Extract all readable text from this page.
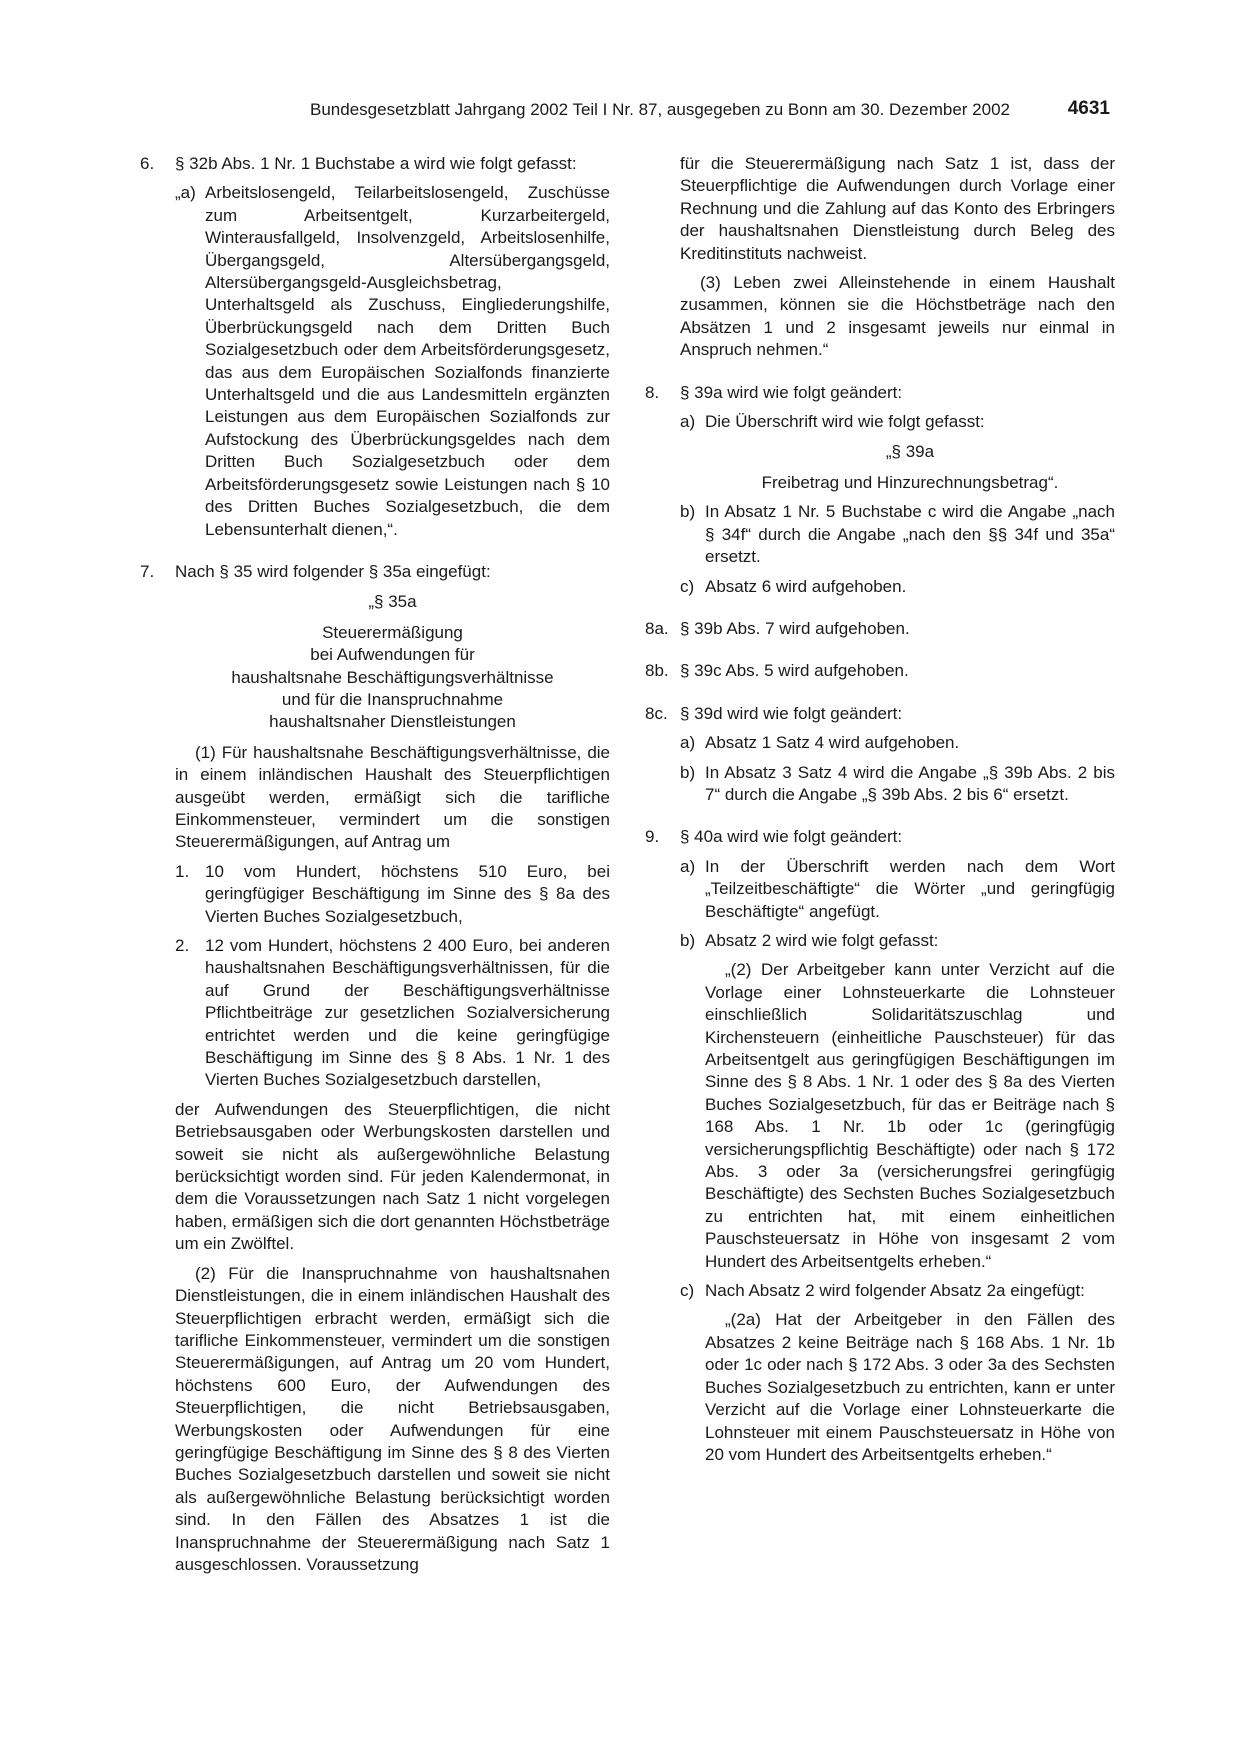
Bundesgesetzblatt Jahrgang 2002 Teil I Nr. 87, ausgegeben zu Bonn am 30. Dezember 2002	4631
6.	§ 32b Abs. 1 Nr. 1 Buchstabe a wird wie folgt gefasst:

„a) Arbeitslosengeld, Teilarbeitslosengeld, Zuschüsse zum Arbeitsentgelt, Kurzarbeitergeld, Winterausfallgeld, Insolvenzgeld, Arbeitslosenhilfe, Übergangsgeld, Altersübergangsgeld, Altersübergangsgeld-Ausgleichsbetrag, Unterhaltsgeld als Zuschuss, Eingliederungshilfe, Überbrückungsgeld nach dem Dritten Buch Sozialgesetzbuch oder dem Arbeitsförderungsgesetz, das aus dem Europäischen Sozialfonds finanzierte Unterhaltsgeld und die aus Landesmitteln ergänzten Leistungen aus dem Europäischen Sozialfonds zur Aufstockung des Überbrückungsgeldes nach dem Dritten Buch Sozialgesetzbuch oder dem Arbeitsförderungsgesetz sowie Leistungen nach § 10 des Dritten Buches Sozialgesetzbuch, die dem Lebensunterhalt dienen,“.

7.	Nach § 35 wird folgender § 35a eingefügt:

„§ 35a

Steuerermäßigung

bei Aufwendungen für

haushaltsnahe Beschäftigungsverhältnisse

und für die Inanspruchnahme

haushaltsnaher Dienstleistungen

(1) Für haushaltsnahe Beschäftigungsverhältnisse, die in einem inländischen Haushalt des Steuerpflichtigen ausgeübt werden, ermäßigt sich die tarifliche Einkommensteuer, vermindert um die sonstigen Steuerermäßigungen, auf Antrag um

1. 10 vom Hundert, höchstens 510 Euro, bei geringfügiger Beschäftigung im Sinne des § 8a des Vierten Buches Sozialgesetzbuch,

2. 12 vom Hundert, höchstens 2 400 Euro, bei anderen haushaltsnahen Beschäftigungsverhältnissen, für die auf Grund der Beschäftigungsverhältnisse Pflichtbeiträge zur gesetzlichen Sozialversicherung entrichtet werden und die keine geringfügige Beschäftigung im Sinne des § 8 Abs. 1 Nr. 1 des Vierten Buches Sozialgesetzbuch darstellen,

der Aufwendungen des Steuerpflichtigen, die nicht Betriebsausgaben oder Werbungskosten darstellen und soweit sie nicht als außergewöhnliche Belastung berücksichtigt worden sind. Für jeden Kalendermonat, in dem die Voraussetzungen nach Satz 1 nicht vorgelegen haben, ermäßigen sich die dort genannten Höchstbeträge um ein Zwölftel.

(2) Für die Inanspruchnahme von haushaltsnahen Dienstleistungen, die in einem inländischen Haushalt des Steuerpflichtigen erbracht werden, ermäßigt sich die tarifliche Einkommensteuer, vermindert um die sonstigen Steuerermäßigungen, auf Antrag um 20 vom Hundert, höchstens 600 Euro, der Aufwendungen des Steuerpflichtigen, die nicht Betriebsausgaben, Werbungskosten oder Aufwendungen für eine geringfügige Beschäftigung im Sinne des § 8 des Vierten Buches Sozialgesetzbuch darstellen und soweit sie nicht als außergewöhnliche Belastung berücksichtigt worden sind. In den Fällen des Absatzes 1 ist die Inanspruchnahme der Steuerermäßigung nach Satz 1 ausgeschlossen. Voraussetzung

für die Steuerermäßigung nach Satz 1 ist, dass der Steuerpflichtige die Aufwendungen durch Vorlage einer Rechnung und die Zahlung auf das Konto des Erbringers der haushaltsnahen Dienstleistung durch Beleg des Kreditinstituts nachweist.

(3) Leben zwei Alleinstehende in einem Haushalt zusammen, können sie die Höchstbeträge nach den Absätzen 1 und 2 insgesamt jeweils nur einmal in Anspruch nehmen.“

8.	§ 39a wird wie folgt geändert:

a) Die Überschrift wird wie folgt gefasst:

„§ 39a

Freibetrag und Hinzurechnungsbetrag“.

b) In Absatz 1 Nr. 5 Buchstabe c wird die Angabe „nach § 34f“ durch die Angabe „nach den §§ 34f und 35a“ ersetzt.

c) Absatz 6 wird aufgehoben.

8a. § 39b Abs. 7 wird aufgehoben.

8b. § 39c Abs. 5 wird aufgehoben.

8c. § 39d wird wie folgt geändert:

a) Absatz 1 Satz 4 wird aufgehoben.

b) In Absatz 3 Satz 4 wird die Angabe „§ 39b Abs. 2 bis 7“ durch die Angabe „§ 39b Abs. 2 bis 6“ ersetzt.

9.	§ 40a wird wie folgt geändert:

a) In der Überschrift werden nach dem Wort „Teilzeitbeschäftigte“ die Wörter „und geringfügig Beschäftigte“ angefügt.

b) Absatz 2 wird wie folgt gefasst:

„(2) Der Arbeitgeber kann unter Verzicht auf die Vorlage einer Lohnsteuerkarte die Lohnsteuer einschließlich Solidaritätszuschlag und Kirchensteuern (einheitliche Pauschsteuer) für das Arbeitsentgelt aus geringfügigen Beschäftigungen im Sinne des § 8 Abs. 1 Nr. 1 oder des § 8a des Vierten Buches Sozialgesetzbuch, für das er Beiträge nach § 168 Abs. 1 Nr. 1b oder 1c (geringfügig versicherungspflichtig Beschäftigte) oder nach § 172 Abs. 3 oder 3a (versicherungsfrei geringfügig Beschäftigte) des Sechsten Buches Sozialgesetzbuch zu entrichten hat, mit einem einheitlichen Pauschsteuersatz in Höhe von insgesamt 2 vom Hundert des Arbeitsentgelts erheben.“

c) Nach Absatz 2 wird folgender Absatz 2a eingefügt:

„(2a) Hat der Arbeitgeber in den Fällen des Absatzes 2 keine Beiträge nach § 168 Abs. 1 Nr. 1b oder 1c oder nach § 172 Abs. 3 oder 3a des Sechsten Buches Sozialgesetzbuch zu entrichten, kann er unter Verzicht auf die Vorlage einer Lohnsteuerkarte die Lohnsteuer mit einem Pauschsteuersatz in Höhe von 20 vom Hundert des Arbeitsentgelts erheben.“
